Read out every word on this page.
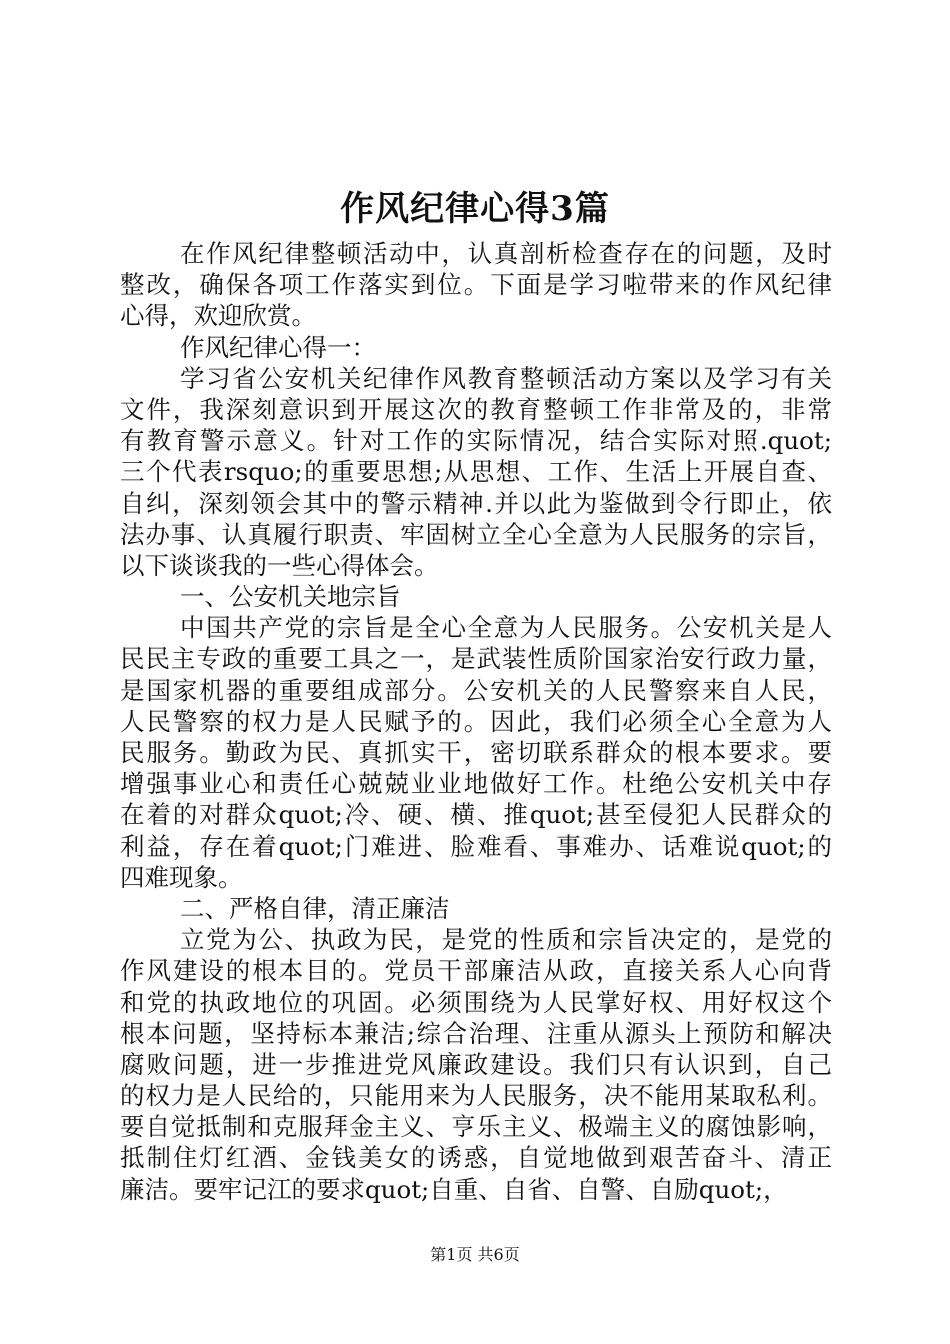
作风纪律心得3篇
在作风纪律整顿活动中，认真剖析检查存在的问题，及时
整改，确保各项工作落实到位。下面是学习啦带来的作风纪律
心得，欢迎欣赏。
作风纪律心得一：
学习省公安机关纪律作风教育整顿活动方案以及学习有关
文件，我深刻意识到开展这次的教育整顿工作非常及的，非常
有教育警示意义。针对工作的实际情况，结合实际对照.quot;
三个代表rsquo;的重要思想;从思想、工作、生活上开展自查、
自纠，深刻领会其中的警示精神.并以此为鉴做到令行即止，依
法办事、认真履行职责、牢固树立全心全意为人民服务的宗旨，
以下谈谈我的一些心得体会。
一、公安机关地宗旨
中国共产党的宗旨是全心全意为人民服务。公安机关是人
民民主专政的重要工具之一，是武装性质阶国家治安行政力量，
是国家机器的重要组成部分。公安机关的人民警察来自人民，
人民警察的权力是人民赋予的。因此，我们必须全心全意为人
民服务。勤政为民、真抓实干，密切联系群众的根本要求。要
增强事业心和责任心兢兢业业地做好工作。杜绝公安机关中存
在着的对群众quot;冷、硬、横、推quot;甚至侵犯人民群众的
利益，存在着quot;门难进、脸难看、事难办、话难说quot;的
四难现象。
二、严格自律，清正廉洁
立党为公、执政为民，是党的性质和宗旨决定的，是党的
作风建设的根本目的。党员干部廉洁从政，直接关系人心向背
和党的执政地位的巩固。必须围绕为人民掌好权、用好权这个
根本问题，坚持标本兼洁;综合治理、注重从源头上预防和解决
腐败问题，进一步推进党风廉政建设。我们只有认识到，自己
的权力是人民给的，只能用来为人民服务，决不能用某取私利。
要自觉抵制和克服拜金主义、亨乐主义、极端主义的腐蚀影响，
抵制住灯红酒、金钱美女的诱惑，自觉地做到艰苦奋斗、清正
廉洁。要牢记江的要求quot;自重、自省、自警、自励quot;，
第1页 共6页
